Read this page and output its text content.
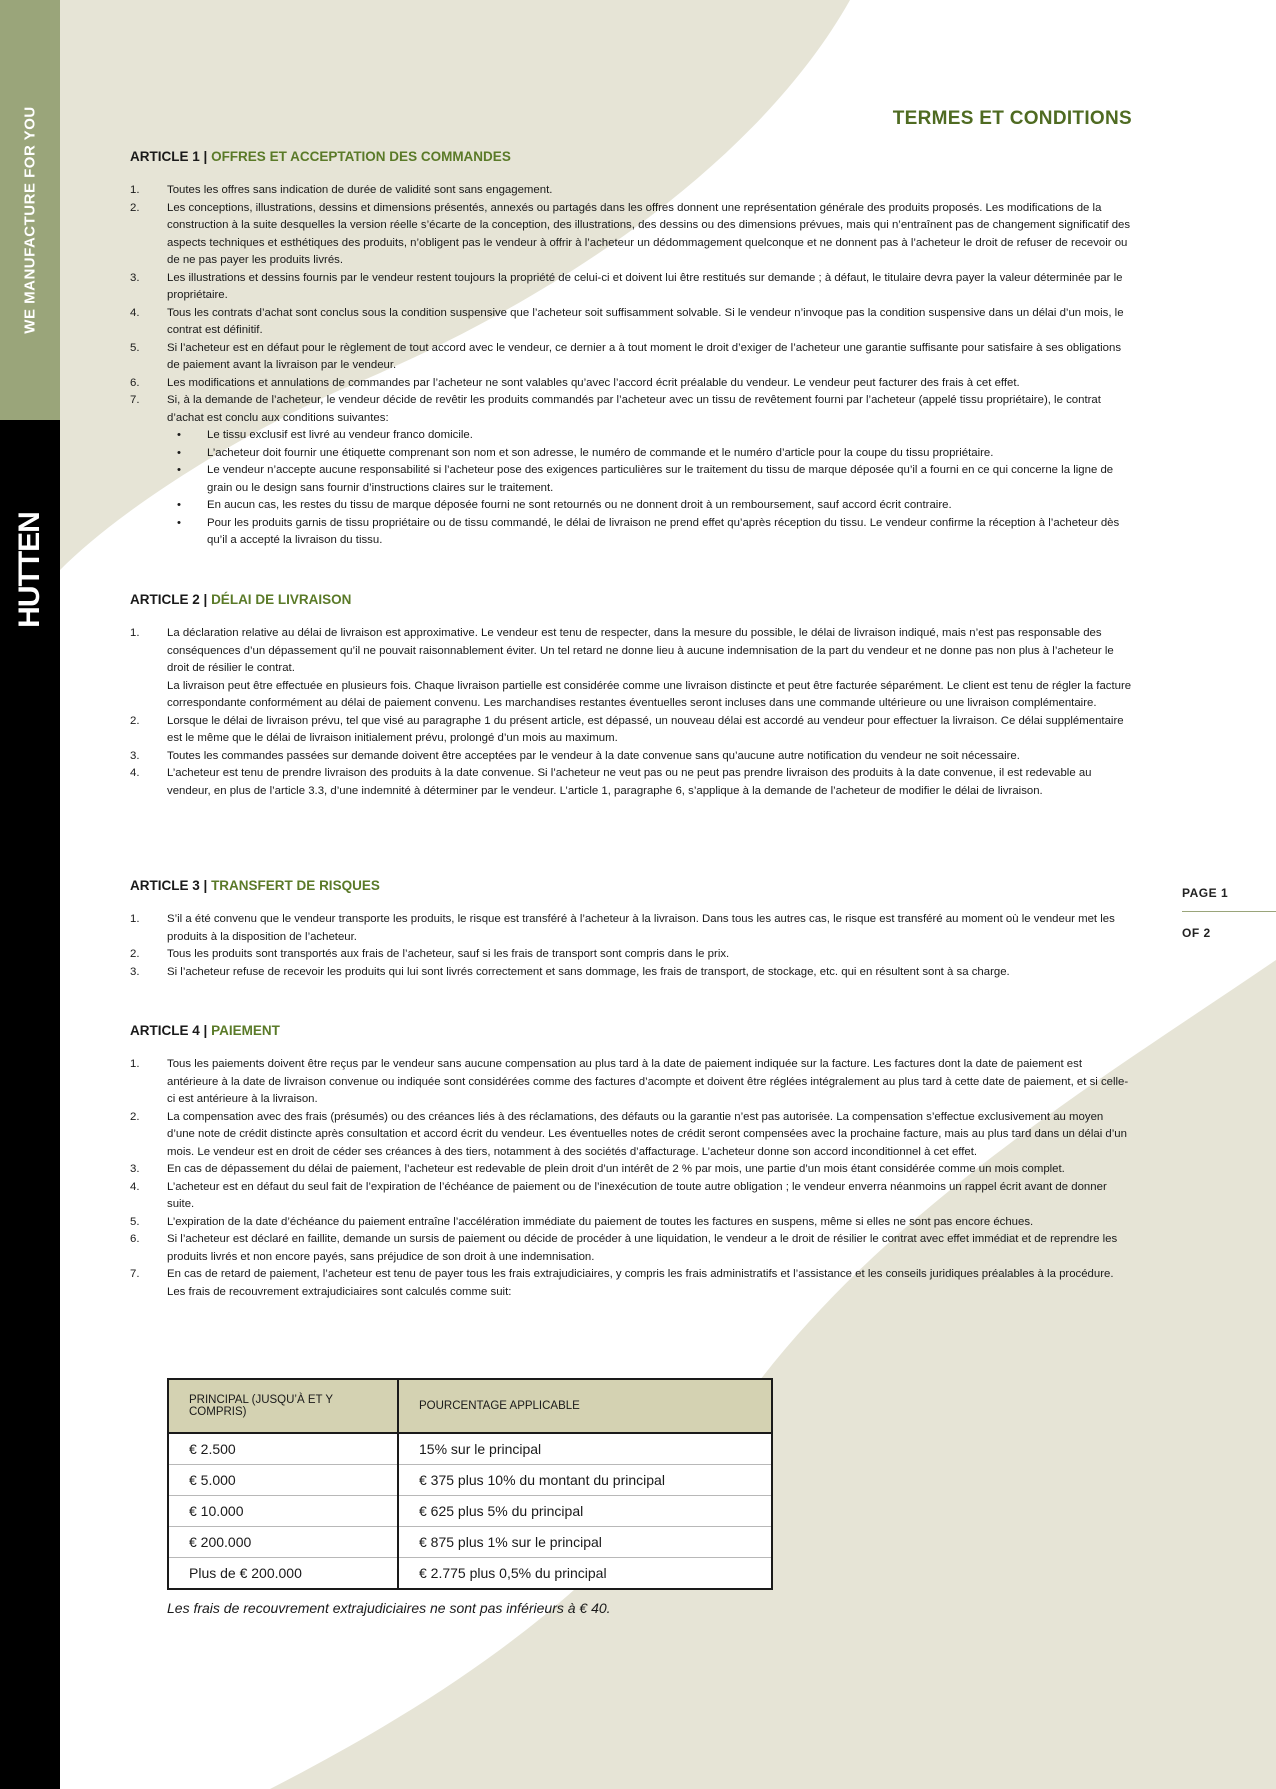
WE MANUFACTURE FOR YOU
HUTTEN
PAGE 1
OF 2
TERMES ET CONDITIONS
ARTICLE 1 | OFFRES ET ACCEPTATION DES COMMANDES
1. Toutes les offres sans indication de durée de validité sont sans engagement.
2. Les conceptions, illustrations, dessins et dimensions présentés, annexés ou partagés dans les offres donnent une représentation générale des produits proposés. Les modifications de la construction à la suite desquelles la version réelle s’écarte de la conception, des illustrations, des dessins ou des dimensions prévues, mais qui n’entraînent pas de changement significatif des aspects techniques et esthétiques des produits, n’obligent pas le vendeur à offrir à l’acheteur un dédommagement quelconque et ne donnent pas à l’acheteur le droit de refuser de recevoir ou de ne pas payer les produits livrés.
3. Les illustrations et dessins fournis par le vendeur restent toujours la propriété de celui-ci et doivent lui être restitués sur demande ; à défaut, le titulaire devra payer la valeur déterminée par le propriétaire.
4. Tous les contrats d’achat sont conclus sous la condition suspensive que l’acheteur soit suffisamment solvable. Si le vendeur n’invoque pas la condition suspensive dans un délai d’un mois, le contrat est définitif.
5. Si l’acheteur est en défaut pour le règlement de tout accord avec le vendeur, ce dernier a à tout moment le droit d’exiger de l’acheteur une garantie suffisante pour satisfaire à ses obligations de paiement avant la livraison par le vendeur.
6. Les modifications et annulations de commandes par l’acheteur ne sont valables qu’avec l’accord écrit préalable du vendeur. Le vendeur peut facturer des frais à cet effet.
7. Si, à la demande de l’acheteur, le vendeur décide de revêtir les produits commandés par l’acheteur avec un tissu de revêtement fourni par l’acheteur (appelé tissu propriétaire), le contrat d’achat est conclu aux conditions suivantes:
• Le tissu exclusif est livré au vendeur franco domicile.
• L’acheteur doit fournir une étiquette comprenant son nom et son adresse, le numéro de commande et le numéro d’article pour la coupe du tissu propriétaire.
• Le vendeur n’accepte aucune responsabilité si l’acheteur pose des exigences particulières sur le traitement du tissu de marque déposée qu’il a fourni en ce qui concerne la ligne de grain ou le design sans fournir d’instructions claires sur le traitement.
• En aucun cas, les restes du tissu de marque déposée fourni ne sont retournés ou ne donnent droit à un remboursement, sauf accord écrit contraire.
• Pour les produits garnis de tissu propriétaire ou de tissu commandé, le délai de livraison ne prend effet qu’après réception du tissu. Le vendeur confirme la réception à l’acheteur dès qu’il a accepté la livraison du tissu.
ARTICLE 2 | DÉLAI DE LIVRAISON
1. La déclaration relative au délai de livraison est approximative. Le vendeur est tenu de respecter, dans la mesure du possible, le délai de livraison indiqué, mais n’est pas responsable des conséquences d’un dépassement qu’il ne pouvait raisonnablement éviter. Un tel retard ne donne lieu à aucune indemnisation de la part du vendeur et ne donne pas non plus à l’acheteur le droit de résilier le contrat.
La livraison peut être effectuée en plusieurs fois. Chaque livraison partielle est considérée comme une livraison distincte et peut être facturée séparément. Le client est tenu de régler la facture correspondante conformément au délai de paiement convenu. Les marchandises restantes éventuelles seront incluses dans une commande ultérieure ou une livraison complémentaire.
2. Lorsque le délai de livraison prévu, tel que visé au paragraphe 1 du présent article, est dépassé, un nouveau délai est accordé au vendeur pour effectuer la livraison. Ce délai supplémentaire est le même que le délai de livraison initialement prévu, prolongé d’un mois au maximum.
3. Toutes les commandes passées sur demande doivent être acceptées par le vendeur à la date convenue sans qu’aucune autre notification du vendeur ne soit nécessaire.
4. L’acheteur est tenu de prendre livraison des produits à la date convenue. Si l’acheteur ne veut pas ou ne peut pas prendre livraison des produits à la date convenue, il est redevable au vendeur, en plus de l’article 3.3, d’une indemnité à déterminer par le vendeur. L’article 1, paragraphe 6, s’applique à la demande de l’acheteur de modifier le délai de livraison.
ARTICLE 3 | TRANSFERT DE RISQUES
1. S’il a été convenu que le vendeur transporte les produits, le risque est transféré à l’acheteur à la livraison. Dans tous les autres cas, le risque est transféré au moment où le vendeur met les produits à la disposition de l’acheteur.
2. Tous les produits sont transportés aux frais de l’acheteur, sauf si les frais de transport sont compris dans le prix.
3. Si l’acheteur refuse de recevoir les produits qui lui sont livrés correctement et sans dommage, les frais de transport, de stockage, etc. qui en résultent sont à sa charge.
ARTICLE 4 | PAIEMENT
1. Tous les paiements doivent être reçus par le vendeur sans aucune compensation au plus tard à la date de paiement indiquée sur la facture. Les factures dont la date de paiement est antérieure à la date de livraison convenue ou indiquée sont considérées comme des factures d’acompte et doivent être réglées intégralement au plus tard à cette date de paiement, et si celle-ci est antérieure à la livraison.
2. La compensation avec des frais (présumés) ou des créances liés à des réclamations, des défauts ou la garantie n’est pas autorisée. La compensation s’effectue exclusivement au moyen d’une note de crédit distincte après consultation et accord écrit du vendeur. Les éventuelles notes de crédit seront compensées avec la prochaine facture, mais au plus tard dans un délai d’un mois. Le vendeur est en droit de céder ses créances à des tiers, notamment à des sociétés d’affacturage. L’acheteur donne son accord inconditionnel à cet effet.
3. En cas de dépassement du délai de paiement, l’acheteur est redevable de plein droit d’un intérêt de 2 % par mois, une partie d’un mois étant considérée comme un mois complet.
4. L’acheteur est en défaut du seul fait de l’expiration de l’échéance de paiement ou de l’inexécution de toute autre obligation ; le vendeur enverra néanmoins un rappel écrit avant de donner suite.
5. L’expiration de la date d’échéance du paiement entraîne l’accélération immédiate du paiement de toutes les factures en suspens, même si elles ne sont pas encore échues.
6. Si l’acheteur est déclaré en faillite, demande un sursis de paiement ou décide de procéder à une liquidation, le vendeur a le droit de résilier le contrat avec effet immédiat et de reprendre les produits livrés et non encore payés, sans préjudice de son droit à une indemnisation.
7. En cas de retard de paiement, l’acheteur est tenu de payer tous les frais extrajudiciaires, y compris les frais administratifs et l’assistance et les conseils juridiques préalables à la procédure. Les frais de recouvrement extrajudiciaires sont calculés comme suit:
PRINCIPAL (JUSQU’À ET Y COMPRIS)	POURCENTAGE APPLICABLE
€ 2.500	15% sur le principal
€ 5.000	€ 375 plus 10% du montant du principal
€ 10.000	€ 625 plus 5% du principal
€ 200.000	€ 875 plus 1% sur le principal
Plus de € 200.000	€ 2.775 plus 0,5% du principal
Les frais de recouvrement extrajudiciaires ne sont pas inférieurs à € 40.
